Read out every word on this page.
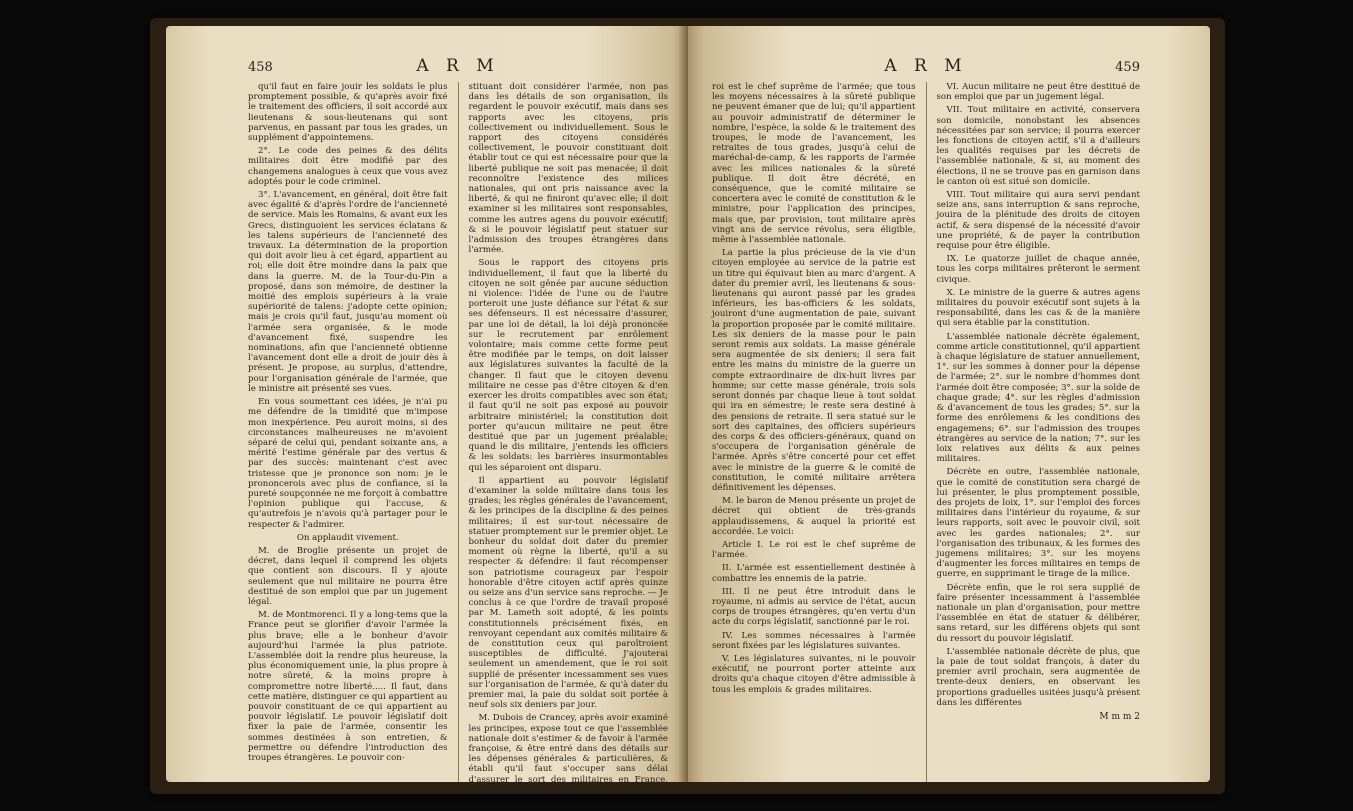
458	A R M

qu'il faut en faire jouir les soldats le plus promptement possible, & qu'après avoir fixé le traitement des officiers, il soit accordé aux lieutenans & sous-lieutenans qui sont parvenus, en passant par tous les grades, un supplément d'appointemens.

2°. Le code des peines & des délits militaires doit être modifié par des changemens analogues à ceux que vous avez adoptés pour le code criminel.

3°. L'avancement, en général, doit être fait avec égalité & d'après l'ordre de l'ancienneté de service. Mais les Romains, & avant eux les Grecs, distinguoient les services éclatans & les talens supérieurs de l'ancienneté des travaux. La détermination de la proportion qui doit avoir lieu à cet égard, appartient au roi; elle doit être moindre dans la paix que dans la guerre. M. de la Tour-du-Pin a proposé, dans son mémoire, de destiner la moitié des emplois supérieurs à la vraie supériorité de talens: j'adopte cette opinion; mais je crois qu'il faut, jusqu'au moment où l'armée sera organisée, & le mode d'avancement fixé, suspendre les nominations, afin que l'ancienneté obtienne l'avancement dont elle a droit de jouir dès à présent. Je propose, au surplus, d'attendre, pour l'organisation générale de l'armée, que le ministre ait présenté ses vues.

En vous soumettant ces idées, je n'ai pu me défendre de la timidité que m'impose mon inexpérience. Peu auroit moins, si des circonstances malheureuses ne m'avoient séparé de celui qui, pendant soixante ans, a mérité l'estime générale par des vertus & par des succès: maintenant c'est avec tristesse que je prononce son nom: je le prononcerois avec plus de confiance, si la pureté soupçonnée ne me forçoit à combattre l'opinion publique qui l'accuse, & qu'autrefois je n'avois qu'à partager pour le respecter & l'admirer.

On applaudit vivement.

M. de Broglie présente un projet de décret, dans lequel il comprend les objets que contient son discours. Il y ajoute seulement que nul militaire ne pourra être destitué de son emploi que par un jugement légal.

M. de Montmorenci. Il y a long-tems que la France peut se glorifier d'avoir l'armée la plus brave; elle a le bonheur d'avoir aujourd'hui l'armée la plus patriote. L'assemblée doit la rendre plus heureuse, la plus économiquement unie, la plus propre à notre sûreté, & la moins propre à compromettre notre liberté..... Il faut, dans cette matière, distinguer ce qui appartient au pouvoir constituant de ce qui appartient au pouvoir législatif. Le pouvoir législatif doit fixer la paie de l'armée, consentir les sommes destinées à son entretien, & permettre ou défendre l'introduction des troupes étrangères. Le pouvoir con-

stituant doit considérer l'armée, non pas dans les détails de son organisation, ils regardent le pouvoir exécutif, mais dans ses rapports avec les citoyens, pris collectivement ou individuellement. Sous le rapport des citoyens considérés collectivement, le pouvoir constituant doit établir tout ce qui est nécessaire pour que la liberté publique ne soit pas menacée; il doit reconnoître l'existence des milices nationales, qui ont pris naissance avec la liberté, & qui ne finiront qu'avec elle; il doit examiner si les militaires sont responsables, comme les autres agens du pouvoir exécutif; & si le pouvoir législatif peut statuer sur l'admission des troupes étrangères dans l'armée.

Sous le rapport des citoyens pris individuellement, il faut que la liberté du citoyen ne soit gênée par aucune séduction ni violence: l'idée de l'une ou de l'autre porteroit une juste défiance sur l'état & sur ses défenseurs. Il est nécessaire d'assurer, par une loi de détail, la loi déjà prononcée sur le recrutement par enrôlement volontaire; mais comme cette forme peut être modifiée par le temps, on doit laisser aux législatures suivantes la faculté de la changer. Il faut que le citoyen devenu militaire ne cesse pas d'être citoyen & d'en exercer les droits compatibles avec son état; il faut qu'il ne soit pas exposé au pouvoir arbitraire ministériel; la constitution doit porter qu'aucun militaire ne peut être destitué que par un jugement préalable; quand le dis militaire, j'entends les officiers & les soldats: les barrières insurmontables qui les séparoient ont disparu.

Il appartient au pouvoir législatif d'examiner la solde militaire dans tous les grades; les règles générales de l'avancement, & les principes de la discipline & des peines militaires; il est sur-tout nécessaire de statuer promptement sur le premier objet. Le bonheur du soldat doit dater du premier moment où règne la liberté, qu'il a su respecter & défendre: il faut récompenser son patriotisme courageux par l'espoir honorable d'être citoyen actif après quinze ou seize ans d'un service sans reproche. — Je conclus à ce que l'ordre de travail proposé par M. Lameth soit adopté, & les points constitutionnels précisément fixés, en renvoyant cependant aux comités militaire & de constitution ceux qui paroîtroient susceptibles de difficulté. J'ajouterai seulement un amendement, que le roi soit supplié de présenter incessamment ses vues sur l'organisation de l'armée, & qu'à dater du premier mai, la paie du soldat soit portée à neuf sols six deniers par jour.

M. Dubois de Crancey, après avoir examiné les principes, expose tout ce que l'assemblée nationale doit s'estimer & de favoir à l'armée françoise, & être entré dans des détails sur les dépenses générales & particulières, & établi qu'il faut s'occuper sans délai d'assurer le sort des militaires en France, propose de déclarer que le

A R M	459

roi est le chef suprême de l'armée; que tous les moyens nécessaires à la sûreté publique ne peuvent émaner que de lui; qu'il appartient au pouvoir administratif de déterminer le nombre, l'espèce, la solde & le traitement des troupes, le mode de l'avancement, les retraites de tous grades, jusqu'à celui de maréchal-de-camp, & les rapports de l'armée avec les milices nationales & la sûreté publique. Il doit être décrété, en conséquence, que le comité militaire se concertera avec le comité de constitution & le ministre, pour l'application des principes, mais que, par provision, tout militaire après vingt ans de service révolus, sera éligible, même à l'assemblée nationale.

La partie la plus précieuse de la vie d'un citoyen employée au service de la patrie est un titre qui équivaut bien au marc d'argent. A dater du premier avril, les lieutenans & sous-lieutenans qui auront passé par les grades inférieurs, les bas-officiers & les soldats, jouiront d'une augmentation de paie, suivant la proportion proposée par le comité militaire. Les six deniers de la masse pour le pain seront remis aux soldats. La masse générale sera augmentée de six deniers; il sera fait entre les mains du ministre de la guerre un compte extraordinaire de dix-huit livres par homme; sur cette masse générale, trois sols seront donnés par chaque lieue à tout soldat qui ira en sémestre; le reste sera destiné à des pensions de retraite. Il sera statué sur le sort des capitaines, des officiers supérieurs des corps & des officiers-généraux, quand on s'occupera de l'organisation générale de l'armée. Après s'être concerté pour cet effet avec le ministre de la guerre & le comité de constitution, le comité militaire arrêtera définitivement les dépenses.

M. le baron de Menou présente un projet de décret qui obtient de très-grands applaudissemens, & auquel la priorité est accordée. Le voici:

Article I. Le roi est le chef suprême de l'armée.

II. L'armée est essentiellement destinée à combattre les ennemis de la patrie.

III. Il ne peut être introduit dans le royaume, ni admis au service de l'état, aucun corps de troupes étrangères, qu'en vertu d'un acte du corps législatif, sanctionné par le roi.

IV. Les sommes nécessaires à l'armée seront fixées par les législatures suivantes.

V. Les législatures suivantes, ni le pouvoir exécutif, ne pourront porter atteinte aux droits qu'a chaque citoyen d'être admissible à tous les emplois & grades militaires.

VI. Aucun militaire ne peut être destitué de son emploi que par un jugement légal.

VII. Tout militaire en activité, conservera son domicile, nonobstant les absences nécessitées par son service; il pourra exercer les fonctions de citoyen actif, s'il a d'ailleurs les qualités requises par les décrets de l'assemblée nationale, & si, au moment des élections, il ne se trouve pas en garnison dans le canton où est situé son domicile.

VIII. Tout militaire qui aura servi pendant seize ans, sans interruption & sans reproche, jouira de la plénitude des droits de citoyen actif, & sera dispensé de la nécessité d'avoir une propriété, & de payer la contribution requise pour être éligible.

IX. Le quatorze juillet de chaque année, tous les corps militaires prêteront le serment civique.

X. Le ministre de la guerre & autres agens militaires du pouvoir exécutif sont sujets à la responsabilité, dans les cas & de la manière qui sera établie par la constitution.

L'assemblée nationale décrète également, comme article constitutionnel, qu'il appartient à chaque législature de statuer annuellement, 1°. sur les sommes à donner pour la dépense de l'armée; 2°. sur le nombre d'hommes dont l'armée doit être composée; 3°. sur la solde de chaque grade; 4°. sur les règles d'admission & d'avancement de tous les grades; 5°. sur la forme des enrôlemens & les conditions des engagemens; 6°. sur l'admission des troupes étrangères au service de la nation; 7°. sur les loix relatives aux délits & aux peines militaires.

Décrète en outre, l'assemblée nationale, que le comité de constitution sera chargé de lui présenter, le plus promptement possible, des projets de loix, 1°. sur l'emploi des forces militaires dans l'intérieur du royaume, & sur leurs rapports, soit avec le pouvoir civil, soit avec les gardes nationales; 2°. sur l'organisation des tribunaux, & les formes des jugemens militaires; 3°. sur les moyens d'augmenter les forces militaires en temps de guerre, en supprimant le tirage de la milice.

Décrète enfin, que le roi sera supplié de faire présenter incessamment à l'assemblée nationale un plan d'organisation, pour mettre l'assemblée en état de statuer & délibérer, sans retard, sur les différens objets qui sont du ressort du pouvoir législatif.

L'assemblée nationale décrète de plus, que la paie de tout soldat françois, à dater du premier avril prochain, sera augmentée de trente-deux deniers, en observant les proportions graduelles usitées jusqu'à présent dans les différentes

M m m 2
